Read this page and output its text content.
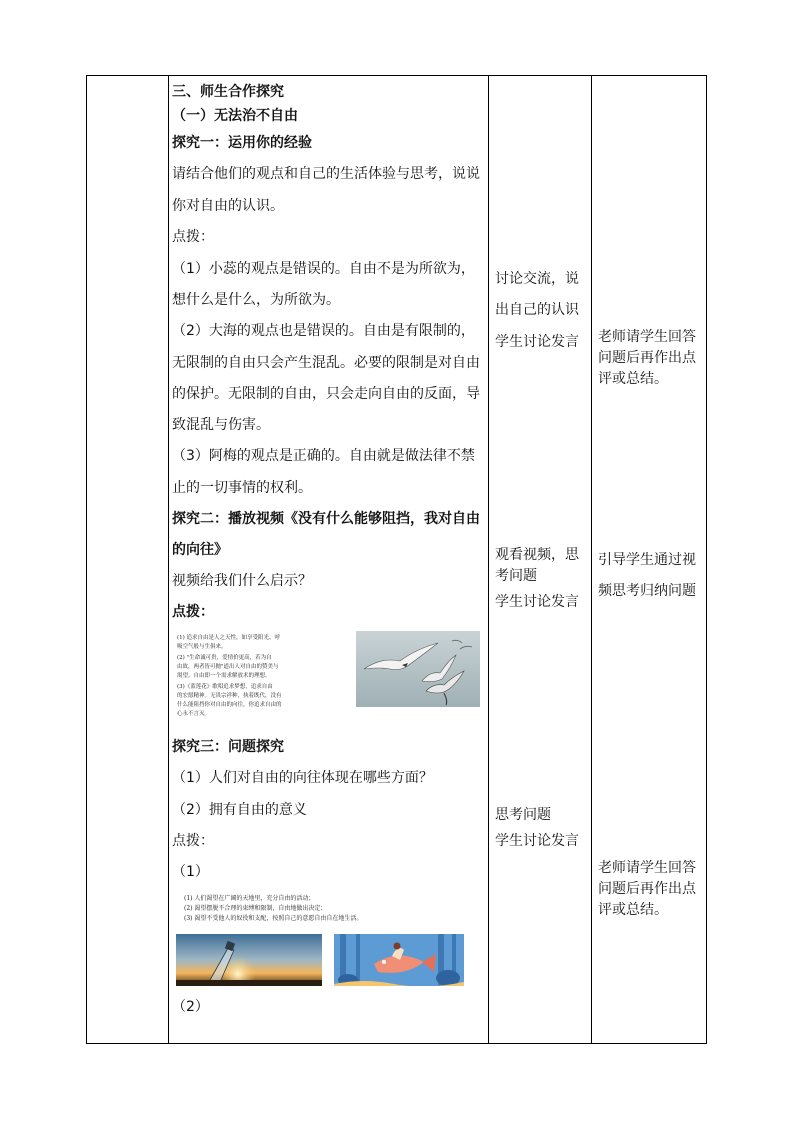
三、师生合作探究
（一）无法治不自由
探究一：运用你的经验
请结合他们的观点和自己的生活体验与思考，说说
你对自由的认识。
点拨：
（1）小蕊的观点是错误的。自由不是为所欲为，
想什么是什么，为所欲为。
（2）大海的观点也是错误的。自由是有限制的，
无限制的自由只会产生混乱。必要的限制是对自由
的保护。无限制的自由，只会走向自由的反面，导
致混乱与伤害。
（3）阿梅的观点是正确的。自由就是做法律不禁
止的一切事情的权利。
探究二：播放视频《没有什么能够阻挡，我对自由
的向往》
视频给我们什么启示？
点拨：
(1) 追求自由是人之天性，如享受阳光、呼
吸空气般与生俱来。
(2) "生命诚可贵，爱情价更高，若为自
由故，两者皆可抛"道出人对自由的赞美与
渴望。自由即一个需求解放术的理想。
(3)《蓝莲花》歌唱追求梦想，追求自由
的宏愿精神。无畏宗祥种，执着既代，没有
什么能阻挡你对自由的向往，你追求自由的
心永不言灭。
探究三：问题探究
（1）人们对自由的向往体现在哪些方面？
（2）拥有自由的意义
点拨：
（1）
(1) 人们渴望在广阔的天地里，充分自由的活动；
(2) 渴望摆脱不合理的束缚和限制，自由地做出决定；
(3) 渴望不受他人的奴役和支配，按照自己的意愿自由自在地生活。
（2）
讨论交流，说
出自己的认识
学生讨论发言
观看视频，思
考问题
学生讨论发言
思考问题
学生讨论发言
老师请学生回答
问题后再作出点
评或总结。
引导学生通过视
频思考归纳问题
老师请学生回答
问题后再作出点
评或总结。
